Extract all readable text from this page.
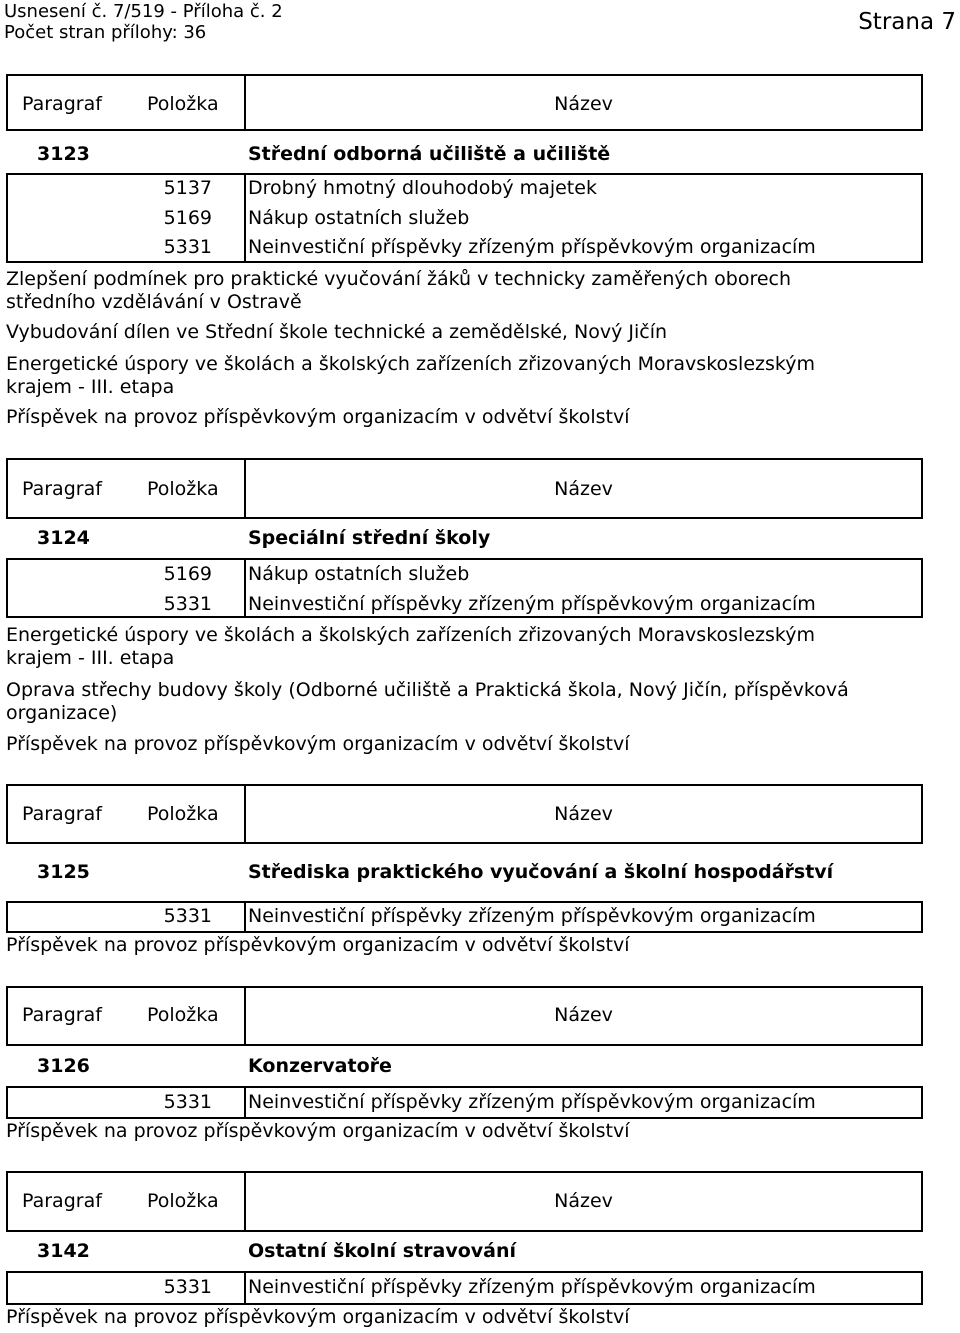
Usnesení č. 7/519 - Příloha č. 2
Počet stran přílohy: 36	Strana 7
Paragraf Položka	Název
3123	Střední odborná učiliště a učiliště
5137 Drobný hmotný dlouhodobý majetek
5169 Nákup ostatních služeb
5331 Neinvestiční příspěvky zřízeným příspěvkovým organizacím
Zlepšení podmínek pro praktické vyučování žáků v technicky zaměřených oborech
středního vzdělávání v Ostravě
Vybudování dílen ve Střední škole technické a zemědělské, Nový Jičín
Energetické úspory ve školách a školských zařízeních zřizovaných Moravskoslezským
krajem - III. etapa
Příspěvek na provoz příspěvkovým organizacím v odvětví školství
Paragraf Položka	Název
3124	Speciální střední školy
5169 Nákup ostatních služeb
5331 Neinvestiční příspěvky zřízeným příspěvkovým organizacím
Energetické úspory ve školách a školských zařízeních zřizovaných Moravskoslezským
krajem - III. etapa
Oprava střechy budovy školy (Odborné učiliště a Praktická škola, Nový Jičín, příspěvková
organizace)
Příspěvek na provoz příspěvkovým organizacím v odvětví školství
Paragraf Položka	Název
3125	Střediska praktického vyučování a školní hospodářství
5331 Neinvestiční příspěvky zřízeným příspěvkovým organizacím
Příspěvek na provoz příspěvkovým organizacím v odvětví školství
Paragraf Položka	Název
3126	Konzervatoře
5331 Neinvestiční příspěvky zřízeným příspěvkovým organizacím
Příspěvek na provoz příspěvkovým organizacím v odvětví školství
Paragraf Položka	Název
3142	Ostatní školní stravování
5331 Neinvestiční příspěvky zřízeným příspěvkovým organizacím
Příspěvek na provoz příspěvkovým organizacím v odvětví školství
